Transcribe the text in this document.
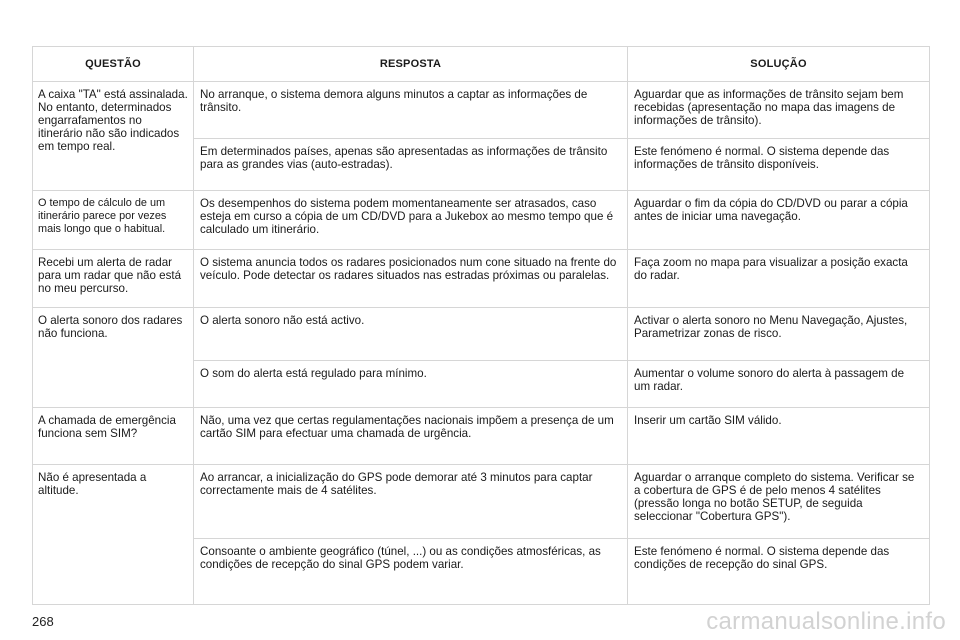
QUESTÃO	RESPOSTA	SOLUÇÃO
A caixa "TA" está assinalada. No entanto, determinados engarrafamentos no itinerário não são indicados em tempo real.	No arranque, o sistema demora alguns minutos a captar as informações de trânsito.	Aguardar que as informações de trânsito sejam bem recebidas (apresentação no mapa das imagens de informações de trânsito).
	Em determinados países, apenas são apresentadas as informações de trânsito para as grandes vias (auto-estradas).	Este fenómeno é normal. O sistema depende das informações de trânsito disponíveis.
O tempo de cálculo de um itinerário parece por vezes mais longo que o habitual.	Os desempenhos do sistema podem momentaneamente ser atrasados, caso esteja em curso a cópia de um CD/DVD para a Jukebox ao mesmo tempo que é calculado um itinerário.	Aguardar o fim da cópia do CD/DVD ou parar a cópia antes de iniciar uma navegação.
Recebi um alerta de radar para um radar que não está no meu percurso.	O sistema anuncia todos os radares posicionados num cone situado na frente do veículo. Pode detectar os radares situados nas estradas próximas ou paralelas.	Faça zoom no mapa para visualizar a posição exacta do radar.
O alerta sonoro dos radares não funciona.	O alerta sonoro não está activo.	Activar o alerta sonoro no Menu Navegação, Ajustes, Parametrizar zonas de risco.
	O som do alerta está regulado para mínimo.	Aumentar o volume sonoro do alerta à passagem de um radar.
A chamada de emergência funciona sem SIM?	Não, uma vez que certas regulamentações nacionais impõem a presença de um cartão SIM para efectuar uma chamada de urgência.	Inserir um cartão SIM válido.
Não é apresentada a altitude.	Ao arrancar, a inicialização do GPS pode demorar até 3 minutos para captar correctamente mais de 4 satélites.	Aguardar o arranque completo do sistema. Verificar se a cobertura de GPS é de pelo menos 4 satélites (pressão longa no botão SETUP, de seguida seleccionar "Cobertura GPS").
	Consoante o ambiente geográfico (túnel, ...) ou as condições atmosféricas, as condições de recepção do sinal GPS podem variar.	Este fenómeno é normal. O sistema depende das condições de recepção do sinal GPS.
268	carmanualsonline.info
